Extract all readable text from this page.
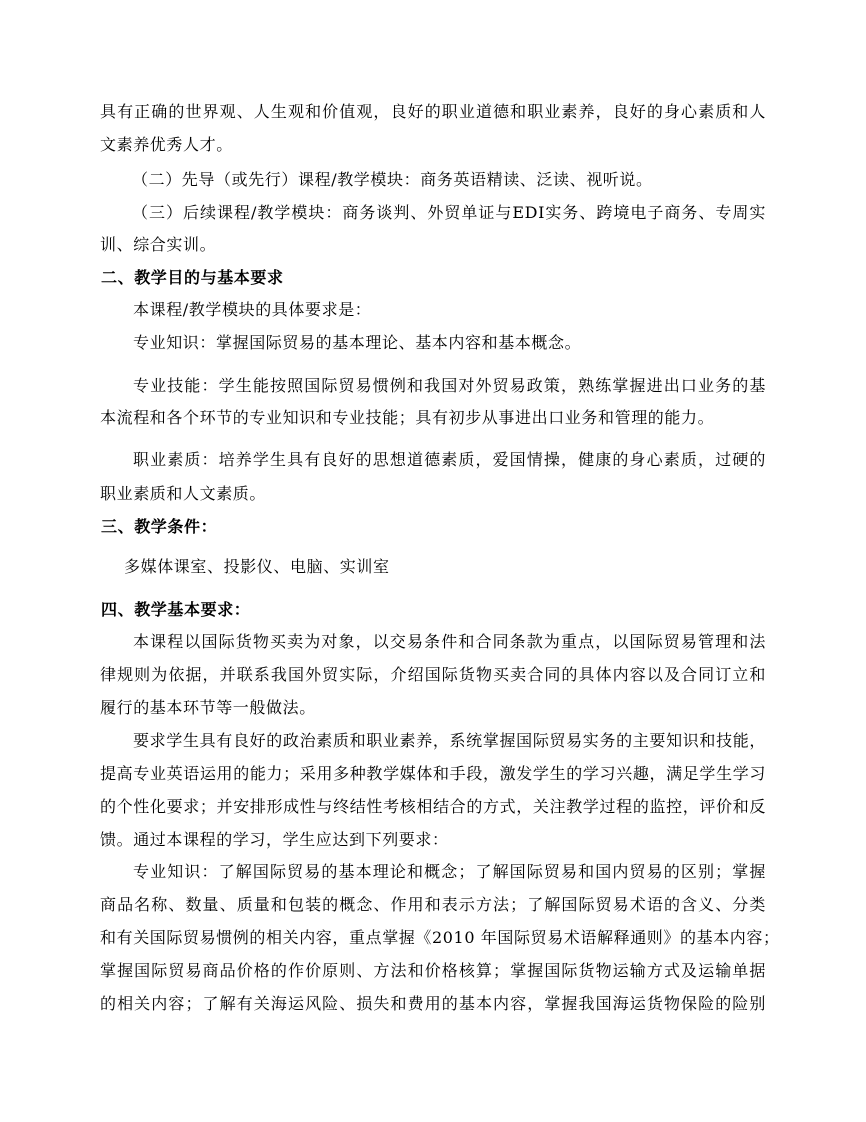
具有正确的世界观、人生观和价值观，良好的职业道德和职业素养，良好的身心素质和人
文素养优秀人才。
（二）先导（或先行）课程/教学模块：商务英语精读、泛读、视听说。
（三）后续课程/教学模块：商务谈判、外贸单证与EDI实务、跨境电子商务、专周实
训、综合实训。
二、教学目的与基本要求
本课程/教学模块的具体要求是：
专业知识：掌握国际贸易的基本理论、基本内容和基本概念。
专业技能：学生能按照国际贸易惯例和我国对外贸易政策，熟练掌握进出口业务的基
本流程和各个环节的专业知识和专业技能；具有初步从事进出口业务和管理的能力。
职业素质：培养学生具有良好的思想道德素质，爱国情操，健康的身心素质，过硬的
职业素质和人文素质。
三、教学条件：
多媒体课室、投影仪、电脑、实训室
四、教学基本要求：
本课程以国际货物买卖为对象，以交易条件和合同条款为重点，以国际贸易管理和法
律规则为依据，并联系我国外贸实际，介绍国际货物买卖合同的具体内容以及合同订立和
履行的基本环节等一般做法。
要求学生具有良好的政治素质和职业素养，系统掌握国际贸易实务的主要知识和技能，
提高专业英语运用的能力；采用多种教学媒体和手段，激发学生的学习兴趣，满足学生学习
的个性化要求；并安排形成性与终结性考核相结合的方式，关注教学过程的监控，评价和反
馈。通过本课程的学习，学生应达到下列要求：
专业知识：了解国际贸易的基本理论和概念；了解国际贸易和国内贸易的区别；掌握
商品名称、数量、质量和包装的概念、作用和表示方法；了解国际贸易术语的含义、分类
和有关国际贸易惯例的相关内容，重点掌握《2010 年国际贸易术语解释通则》的基本内容；
掌握国际贸易商品价格的作价原则、方法和价格核算；掌握国际货物运输方式及运输单据
的相关内容；了解有关海运风险、损失和费用的基本内容，掌握我国海运货物保险的险别
